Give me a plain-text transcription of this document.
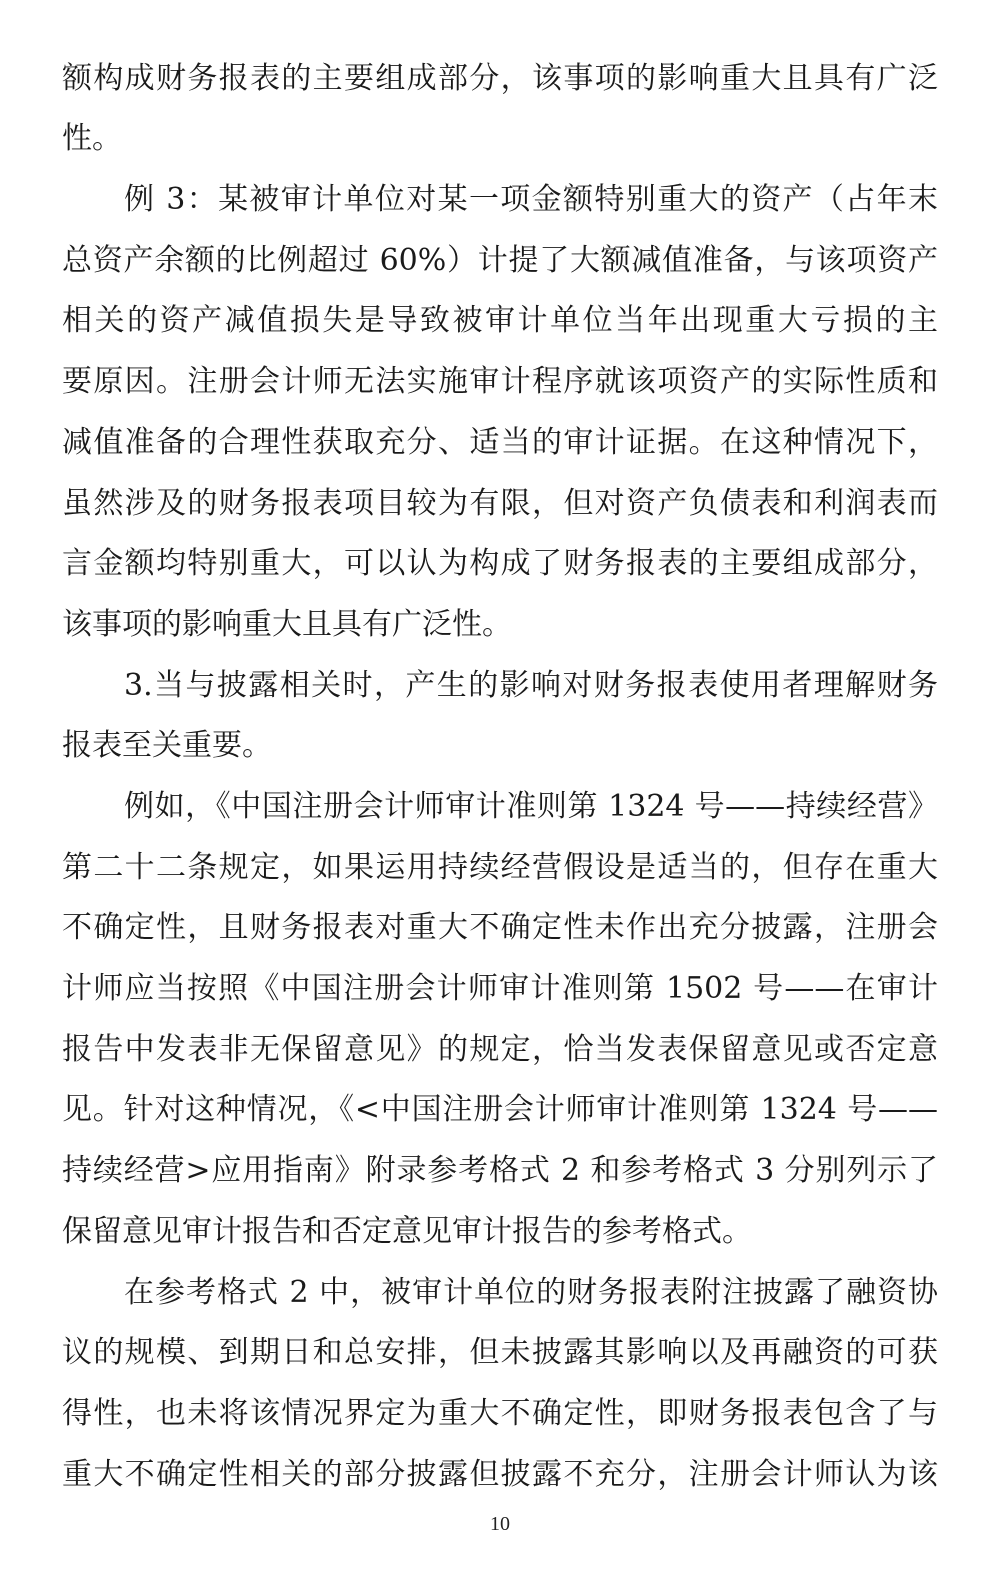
额构成财务报表的主要组成部分，该事项的影响重大且具有广泛
性。
例 3：某被审计单位对某一项金额特别重大的资产（占年末
总资产余额的比例超过 60%）计提了大额减值准备，与该项资产
相关的资产减值损失是导致被审计单位当年出现重大亏损的主
要原因。注册会计师无法实施审计程序就该项资产的实际性质和
减值准备的合理性获取充分、适当的审计证据。在这种情况下，
虽然涉及的财务报表项目较为有限，但对资产负债表和利润表而
言金额均特别重大，可以认为构成了财务报表的主要组成部分，
该事项的影响重大且具有广泛性。
3.当与披露相关时，产生的影响对财务报表使用者理解财务
报表至关重要。
例如，《中国注册会计师审计准则第 1324 号——持续经营》
第二十二条规定，如果运用持续经营假设是适当的，但存在重大
不确定性，且财务报表对重大不确定性未作出充分披露，注册会
计师应当按照《中国注册会计师审计准则第 1502 号——在审计
报告中发表非无保留意见》的规定，恰当发表保留意见或否定意
见。针对这种情况，《<中国注册会计师审计准则第 1324 号——
持续经营>应用指南》附录参考格式 2 和参考格式 3 分别列示了
保留意见审计报告和否定意见审计报告的参考格式。
在参考格式 2 中，被审计单位的财务报表附注披露了融资协
议的规模、到期日和总安排，但未披露其影响以及再融资的可获
得性，也未将该情况界定为重大不确定性，即财务报表包含了与
重大不确定性相关的部分披露但披露不充分，注册会计师认为该
10
